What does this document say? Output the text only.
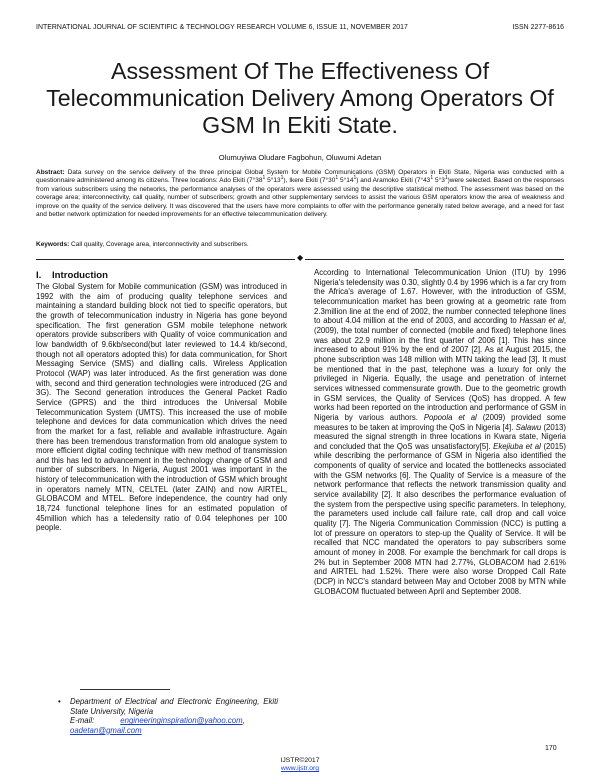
INTERNATIONAL JOURNAL OF SCIENTIFIC & TECHNOLOGY RESEARCH VOLUME 6, ISSUE 11, NOVEMBER 2017	ISSN 2277-8616
Assessment Of The Effectiveness Of
Telecommunication Delivery Among Operators Of
GSM In Ekiti State.
Olumuyiwa Oludare Fagbohun, Oluwumi Adetan
Abstract: Data survey on the service delivery of the three principal Global System for Mobile Communications (GSM) Operators in Ekiti State, Nigeria was conducted with a questionnaire administered among its citizens. Three locations: Ado Ekiti ($7^\circ 38^1$ $5^\circ 13^1$), Ikere Ekiti ($7^\circ 30^1$ $5^\circ 14^1$) and Aramoko Ekiti ($7^\circ 43^1$ $5^\circ 3^1)were$ selected. Based on the responses from various subscribers using the networks, the performance analyses of the operators were assessed using the descriptive statistical method. The assessment was based on the coverage area; interconnectivity, call quality, number of subscribers; growth and other supplementary services to assist the various GSM operators know the area of weakness and improve on the quality of the service delivery. It was discovered that the users have more complaints to offer with the performance generally rated below average, and a need for fast and better network optimization for needed improvements for an effective telecommunication delivery.
Keywords: Call quality, Coverage area, interconnectivity and subscribers.
◆
I. Introduction

The Global System for Mobile communication (GSM) was introduced in 1992 with the aim of producing quality telephone services and maintaining a standard building block not tied to specific operators, but the growth of telecommunication industry in Nigeria has gone beyond specification. The first generation GSM mobile telephone network operators provide subscribers with Quality of voice communication and low bandwidth of 9.6kb/second(but later reviewed to 14.4 kb/second, though not all operators adopted this) for data communication, for Short Messaging Service (SMS) and dialling calls. Wireless Application Protocol (WAP) was later introduced. As the first generation was done with, second and third generation technologies were introduced (2G and 3G). The Second generation introduces the General Packet Radio Service (GPRS) and the third introduces the Universal Mobile Telecommunication System (UMTS). This increased the use of mobile telephone and devices for data communication which drives the need from the market for a fast, reliable and available infrastructure. Again there has been tremendous transformation from old analogue system to more efficient digital coding technique with new method of transmission and this has led to advancement in the technology change of GSM and number of subscribers. In Nigeria, August 2001 was important in the history of telecommunication with the introduction of GSM which brought in operators namely MTN, CELTEL (later ZAIN) and now AIRTEL, GLOBACOM and MTEL. Before independence, the country had only 18,724 functional telephone lines for an estimated population of 45million which has a teledensity ratio of 0.04 telephones per 100 people.

According to International Telecommunication Union (ITU) by 1996 Nigeria's teledensity was 0.30, slightly 0.4 by 1996 which is a far cry from the Africa's average of 1.67. However, with the introduction of GSM, telecommunication market has been growing at a geometric rate from 2.3million line at the end of 2002, the number connected telephone lines to about 4.04 million at the end of 2003, and according to Hassan et al, (2009), the total number of connected (mobile and fixed) telephone lines was about 22.9 million in the first quarter of 2006 [1]. This has since increased to about 91% by the end of 2007 [2]. As at August 2015, the phone subscription was 148 million with MTN taking the lead [3]. It must be mentioned that in the past, telephone was a luxury for only the privileged in Nigeria. Equally, the usage and penetration of internet services witnessed commensurate growth. Due to the geometric growth in GSM services, the Quality of Services (QoS) has dropped. A few works had been reported on the introduction and performance of GSM in Nigeria by various authors. Popoola et al (2009) provided some measures to be taken at improving the QoS in Nigeria [4]. Salawu (2013) measured the signal strength in three locations in Kwara state, Nigeria and concluded that the QoS was unsatisfactory[5]. Ekejiuba et al (2015) while describing the performance of GSM in Nigeria also identified the components of quality of service and located the bottlenecks associated with the GSM networks [6]. The Quality of Service is a measure of the network performance that reflects the network transmission quality and service availability [2]. It also describes the performance evaluation of the system from the perspective using specific parameters. In telephony, the parameters used include call failure rate, call drop and call voice quality [7]. The Nigeria Communication Commission (NCC) is putting a lot of pressure on operators to step-up the Quality of Service. It will be recalled that NCC mandated the operators to pay subscribers some amount of money in 2008. For example the benchmark for call drops is 2% but in September 2008 MTN had 2.77%, GLOBACOM had 2.61% and AIRTEL had 1.52%. There were also worse Dropped Call Rate (DCP) in NCC's standard between May and October 2008 by MTN while GLOBACOM fluctuated between April and September 2008.

• Department of Electrical and Electronic Engineering, Ekiti State University, Nigeria
E-mail:	engineeringinspiration@yahoo.com,
oadetan@gmail.com
170
IJSTR©2017
www.ijstr.org
